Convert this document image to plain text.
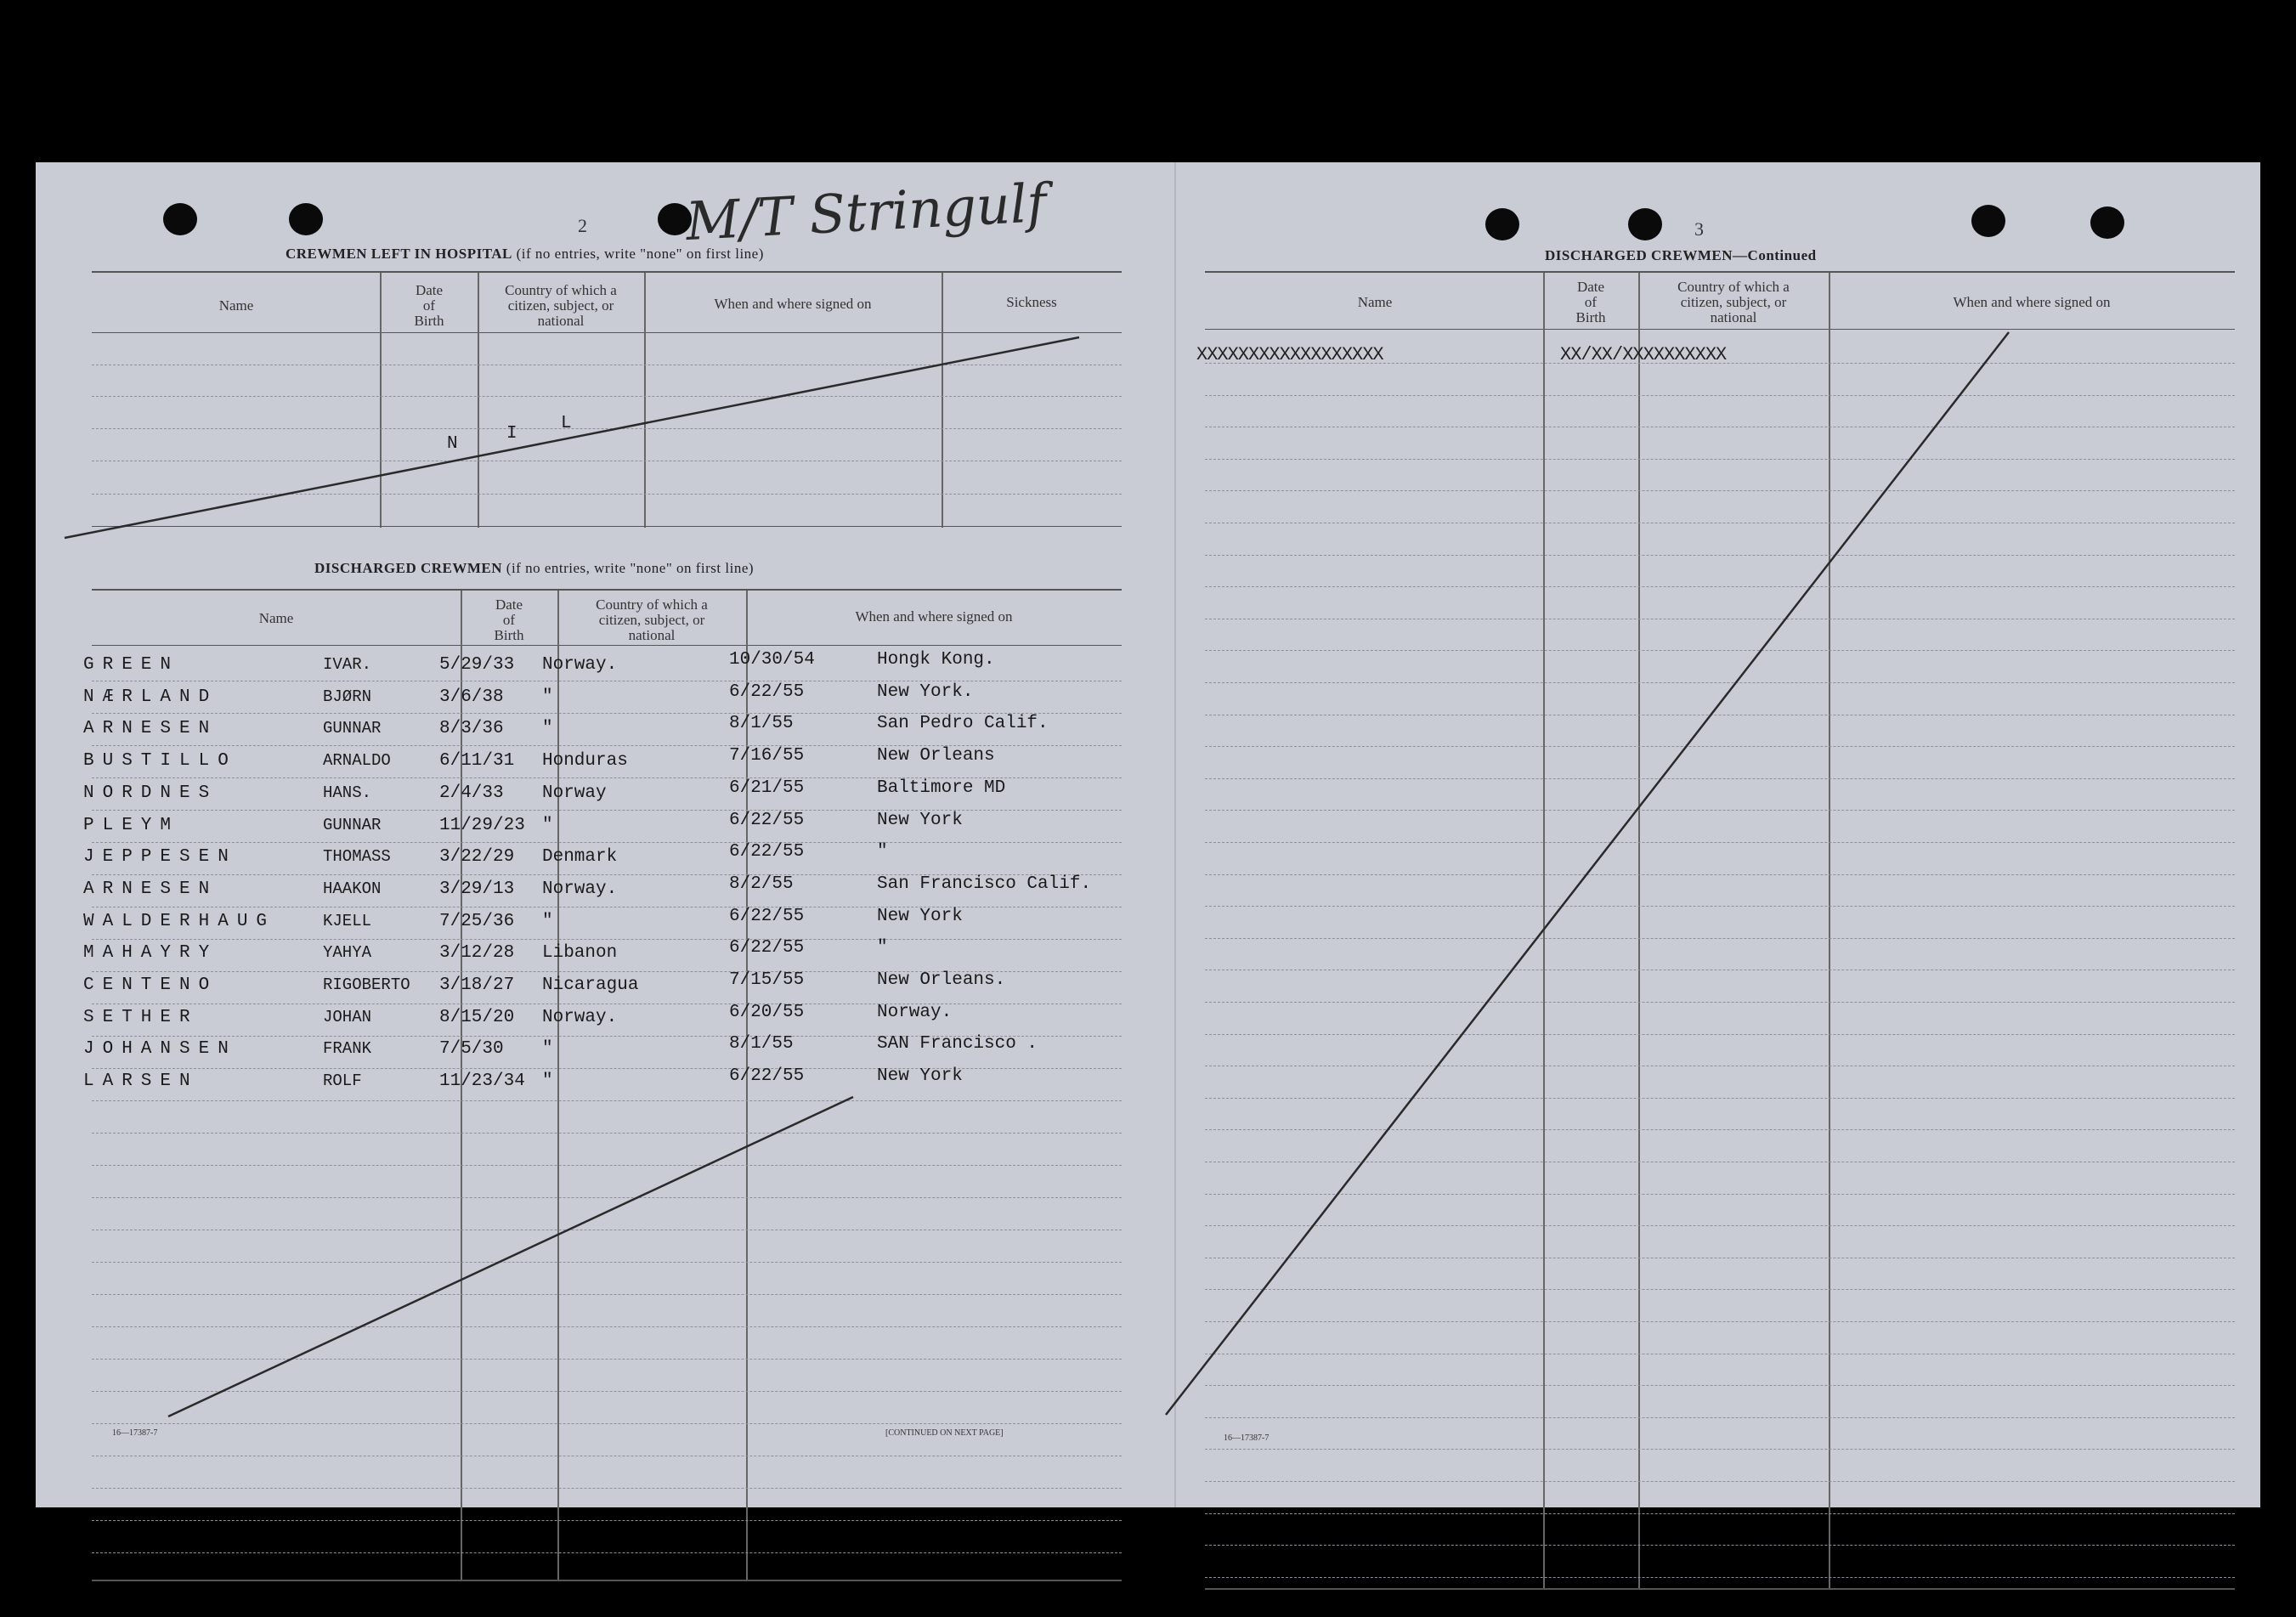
2	3
M/T Stringulf
CREWMEN LEFT IN HOSPITAL (if no entries, write "none" on first line)
Name
Date
of
Birth
Country of which a
citizen, subject, or
national
When and where signed on	Sickness
N
I
L
DISCHARGED CREWMEN (if no entries, write "none" on first line)
Name
Date
of
Birth
Country of which a
citizen, subject, or
national
When and where signed on
GREEN	IVAR.	5/29/33 Norway.	10/30/54	Hongk Kong.
NÆRLAND	BJØRN	3/6/38 "	6/22/55	New York.
ARNESEN	GUNNAR	8/3/36 "	8/1/55	San Pedro Calif.
BUSTILLO	ARNALDO	6/11/31 Honduras	7/16/55	New Orleans
NORDNES	HANS.	2/4/33 Norway	6/21/55	Baltimore MD
PLEYM	GUNNAR	11/29/23 "	6/22/55	New York
JEPPESEN	THOMASS	3/22/29 Denmark	6/22/55	"
ARNESEN	HAAKON	3/29/13 Norway.	8/2/55	San Francisco Calif.
WALDERHAUG	KJELL	7/25/36 "	6/22/55	New York
MAHAYRY	YAHYA	3/12/28 Libanon	6/22/55	"
CENTENO	RIGOBERTO 3/18/27 Nicaragua	7/15/55	New Orleans.
SETHER	JOHAN	8/15/20 Norway.	6/20/55	Norway.
JOHANSEN	FRANK	7/5/30 "	8/1/55	SAN Francisco .
LARSEN	ROLF	11/23/34 "	6/22/55	New York
16—17387-7	[CONTINUED ON NEXT PAGE]
DISCHARGED CREWMEN—Continued
Name
Date
of
Birth
Country of which a
citizen, subject, or
national
When and where signed on
XXXXXXXXXXXXXXXXXX	XX/XX/XXXXXXXXXX
16—17387-7
